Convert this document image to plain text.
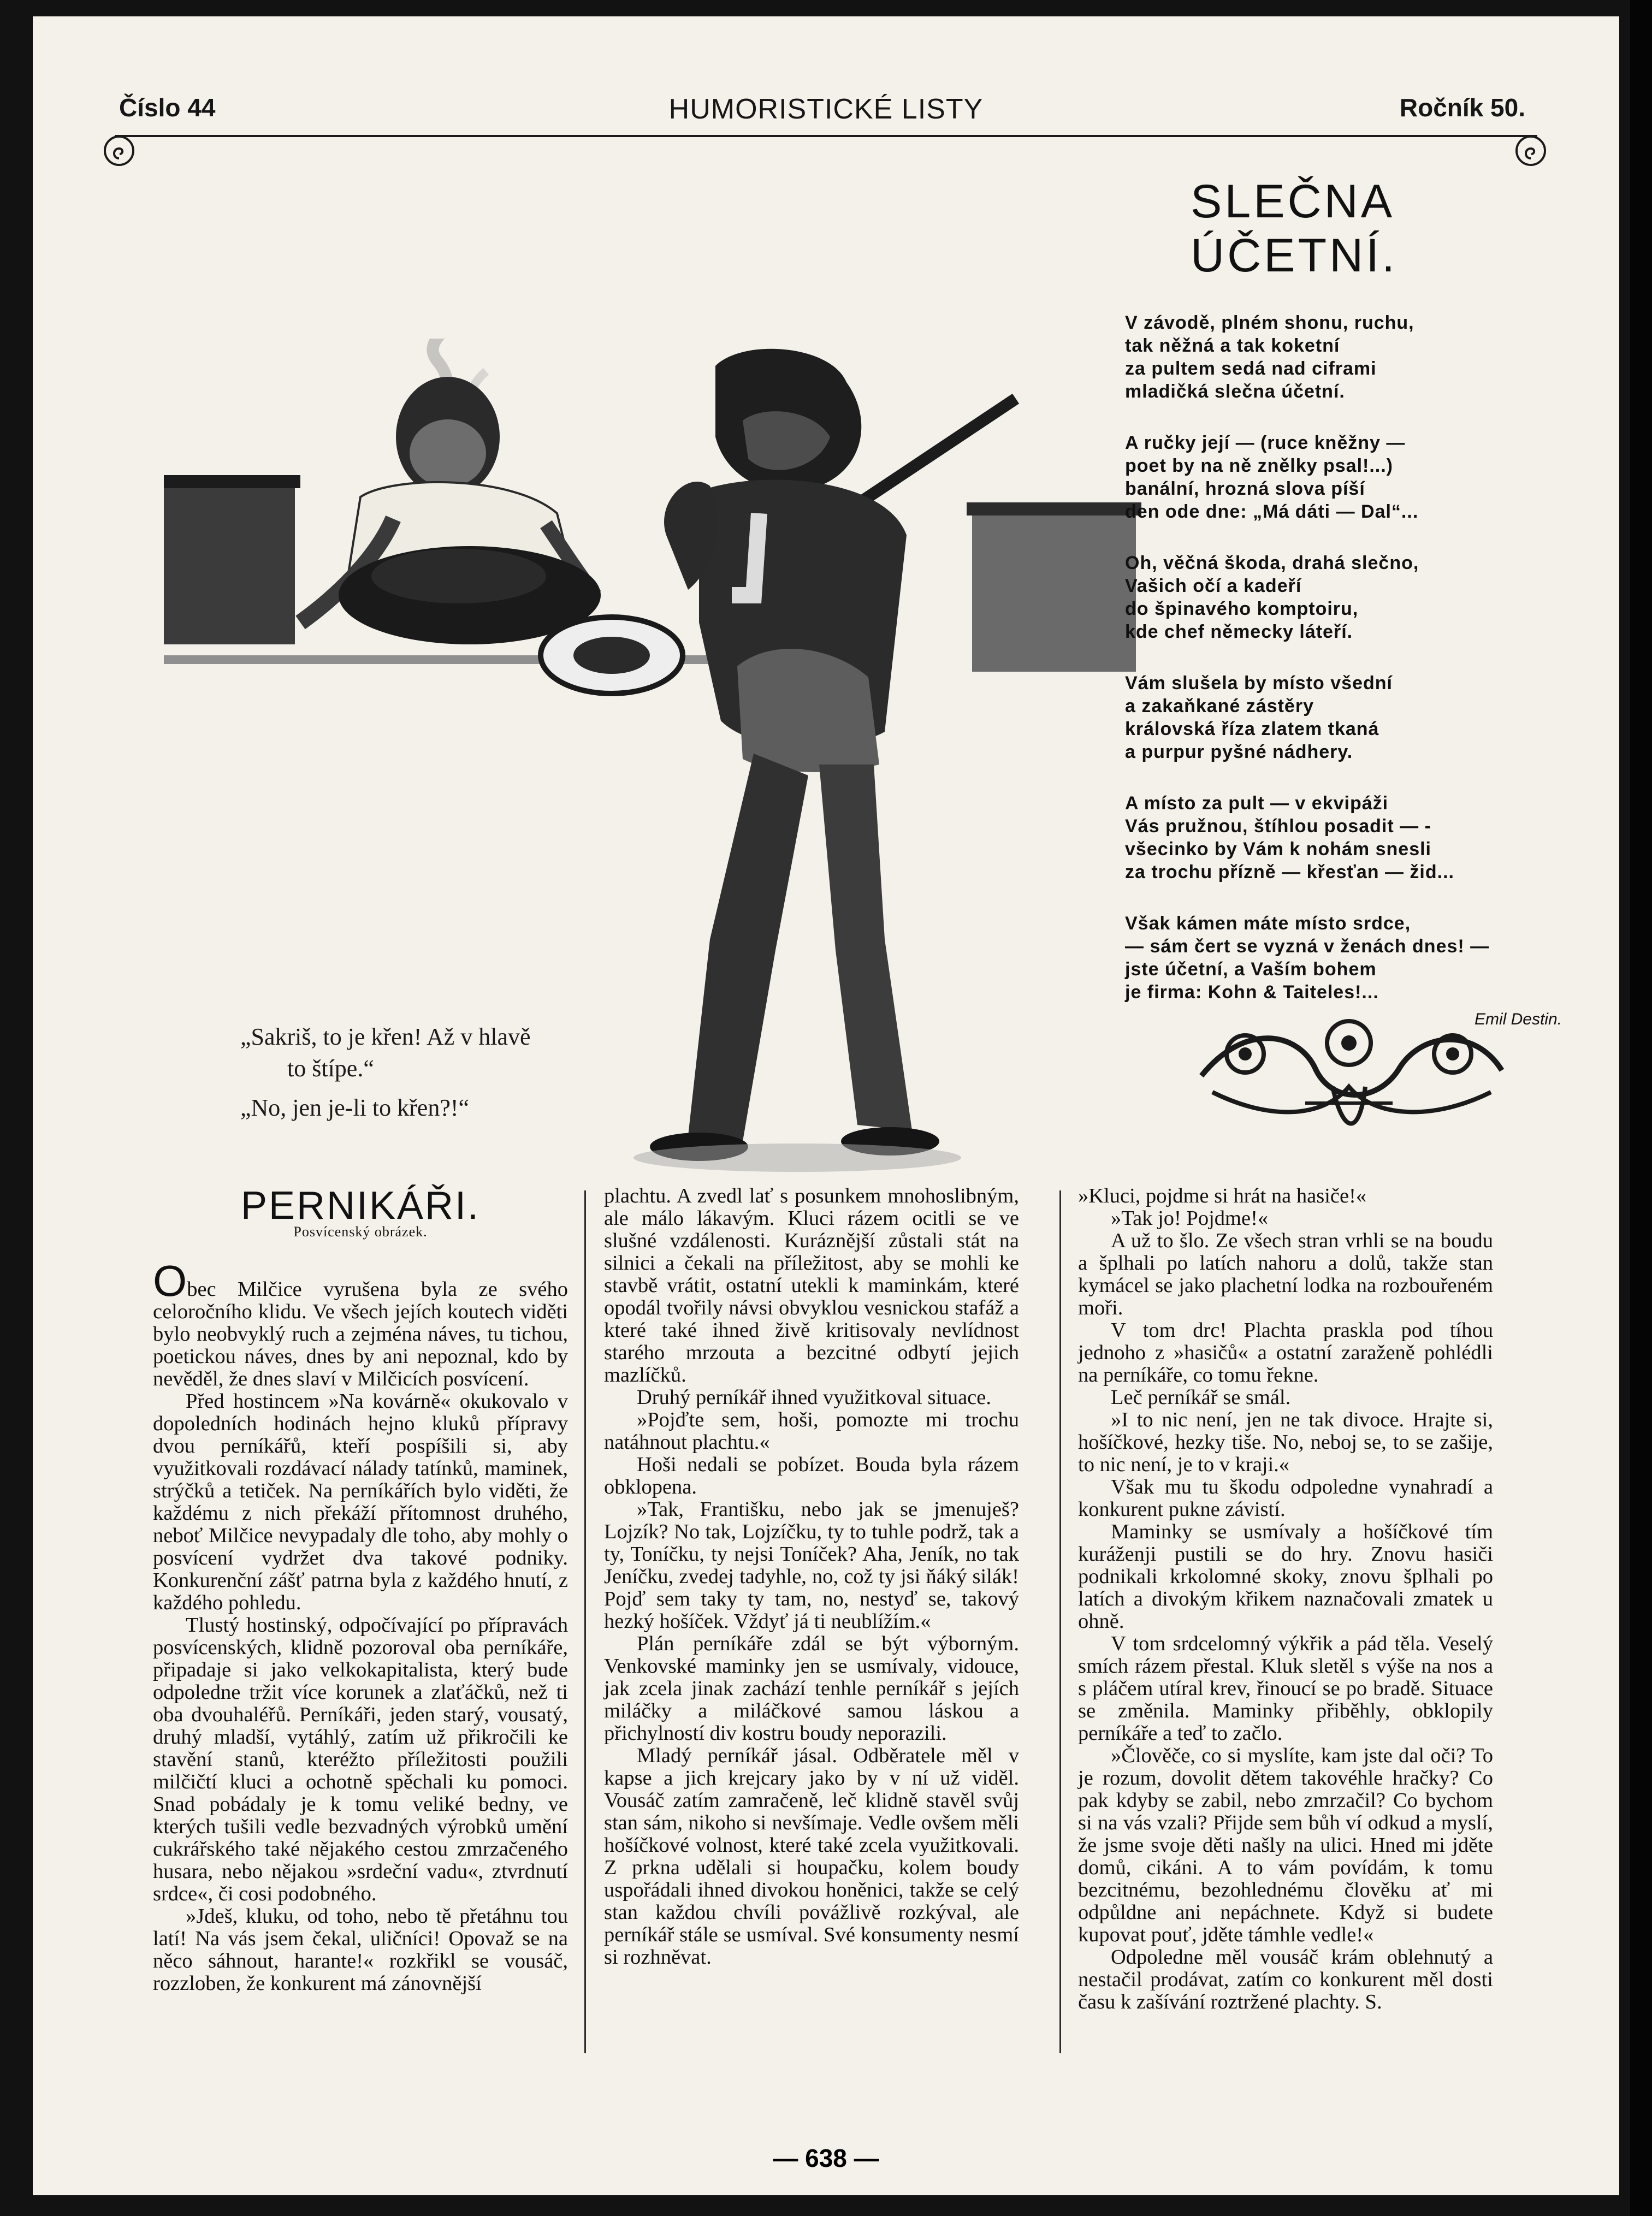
Číslo 44	HUMORISTICKÉ LISTY	Ročník 50.
SLEČNA ÚČETNÍ.
V závodě, plném shonu, ruchu,
tak něžná a tak koketní
za pultem sedá nad ciframi
mladičká slečna účetní.
A ručky její — (ruce kněžny —
poet by na ně znělky psal!...)
banální, hrozná slova píší
den ode dne: „Má dáti — Dal“...
Oh, věčná škoda, drahá slečno,
Vašich očí a kadeří
do špinavého komptoiru,
kde chef německy láteří.
Vám slušela by místo všední
a zakaňkané zástěry
královská říza zlatem tkaná
a purpur pyšné nádhery.
A místo za pult — v ekvipáži
Vás pružnou, štíhlou posadit — -
všecinko by Vám k nohám snesli
za trochu přízně — křesťan — žid...
Však kámen máte místo srdce,
— sám čert se vyzná v ženách dnes! —
jste účetní, a Vaším bohem
je firma: Kohn & Taiteles!...
Emil Destin.
„Sakriš, to je křen! Až v hlavě
to štípe.“
„No, jen je-li to křen?!“
PERNIKÁŘI.
Posvícenský obrázek.

Obec Milčice vyrušena byla ze svého celoročního klidu. Ve všech jejích koutech viděti bylo neobvyklý ruch a zejména náves, tu tichou, poetickou náves, dnes by ani nepoznal, kdo by nevěděl, že dnes slaví v Milčicích posvícení.

Před hostincem »Na kovárně« okukovalo v dopoledních hodinách hejno kluků přípravy dvou perníkářů, kteří pospíšili si, aby využitkovali rozdávací nálady tatínků, maminek, strýčků a tetiček. Na perníkářích bylo viděti, že každému z nich překáží přítomnost druhého, neboť Milčice nevypadaly dle toho, aby mohly o posvícení vydržet dva takové podniky. Konkurenční zášť patrna byla z každého hnutí, z každého pohledu.

Tlustý hostinský, odpočívající po přípravách posvícenských, klidně pozoroval oba perníkáře, připadaje si jako velkokapitalista, který bude odpoledne tržit více korunek a zlaťáčků, než ti oba dvouhaléřů. Perníkáři, jeden starý, vousatý, druhý mladší, vytáhlý, zatím už přikročili ke stavění stanů, kteréžto příležitosti použili milčičtí kluci a ochotně spěchali ku pomoci. Snad pobádaly je k tomu veliké bedny, ve kterých tušili vedle bezvadných výrobků umění cukrářského také nějakého cestou zmrzačeného husara, nebo nějakou »srdeční vadu«, ztvrdnutí srdce«, či cosi podobného.

»Jdeš, kluku, od toho, nebo tě přetáhnu tou latí! Na vás jsem čekal, uličníci! Opovaž se na něco sáhnout, harante!« rozkřikl se vousáč, rozzloben, že konkurent má zánovnější

plachtu. A zvedl lať s posunkem mnohoslibným, ale málo lákavým. Kluci rázem ocitli se ve slušné vzdálenosti. Kuráznější zůstali stát na silnici a čekali na příležitost, aby se mohli ke stavbě vrátit, ostatní utekli k maminkám, které opodál tvořily návsi obvyklou vesnickou stafáž a které také ihned živě kritisovaly nevlídnost starého mrzouta a bezcitné odbytí jejich mazlíčků.

Druhý perníkář ihned využitkoval situace.

»Pojďte sem, hoši, pomozte mi trochu natáhnout plachtu.«

Hoši nedali se pobízet. Bouda byla rázem obklopena.

»Tak, Františku, nebo jak se jmenuješ? Lojzík? No tak, Lojzíčku, ty to tuhle podrž, tak a ty, Toníčku, ty nejsi Toníček? Aha, Jeník, no tak Jeníčku, zvedej tadyhle, no, což ty jsi ňáký silák! Pojď sem taky ty tam, no, nestyď se, takový hezký hošíček. Vždyť já ti neublížím.«

Plán perníkáře zdál se být výborným. Venkovské maminky jen se usmívaly, vidouce, jak zcela jinak zachází tenhle perníkář s jejích miláčky a miláčkové samou láskou a přichylností div kostru boudy neporazili.

Mladý perníkář jásal. Odběratele měl v kapse a jich krejcary jako by v ní už viděl. Vousáč zatím zamračeně, leč klidně stavěl svůj stan sám, nikoho si nevšímaje. Vedle ovšem měli hošíčkové volnost, které také zcela využitkovali. Z prkna udělali si houpačku, kolem boudy uspořádali ihned divokou honěnici, takže se celý stan každou chvíli povážlivě rozkýval, ale perníkář stále se usmíval. Své konsumenty nesmí si rozhněvat.

»Kluci, pojdme si hrát na hasiče!«

»Tak jo! Pojdme!«

A už to šlo. Ze všech stran vrhli se na boudu a šplhali po latích nahoru a dolů, takže stan kymácel se jako plachetní lodka na rozbouřeném moři.

V tom drc! Plachta praskla pod tíhou jednoho z »hasičů« a ostatní zaraženě pohlédli na perníkáře, co tomu řekne.

Leč perníkář se smál.

»I to nic není, jen ne tak divoce. Hrajte si, hošíčkové, hezky tiše. No, neboj se, to se zašije, to nic není, je to v kraji.«

Však mu tu škodu odpoledne vynahradí a konkurent pukne závistí.

Maminky se usmívaly a hošíčkové tím kuráženji pustili se do hry. Znovu hasiči podnikali krkolomné skoky, znovu šplhali po latích a divokým křikem naznačovali zmatek u ohně.

V tom srdcelomný výkřik a pád těla. Veselý smích rázem přestal. Kluk sletěl s výše na nos a s pláčem utíral krev, řinoucí se po bradě. Situace se změnila. Maminky přiběhly, obklopily perníkáře a teď to začlo.

»Člověče, co si myslíte, kam jste dal oči? To je rozum, dovolit dětem takovéhle hračky? Co pak kdyby se zabil, nebo zmrzačil? Co bychom si na vás vzali? Přijde sem bůh ví odkud a myslí, že jsme svoje děti našly na ulici. Hned mi jděte domů, cikáni. A to vám povídám, k tomu bezcitnému, bezohlednému člověku ať mi odpůldne ani nepáchnete. Když si budete kupovat pouť, jděte támhle vedle!«

Odpoledne měl vousáč krám oblehnutý a nestačil prodávat, zatím co konkurent měl dosti času k zašívání roztržené plachty. S.

— 638 —
